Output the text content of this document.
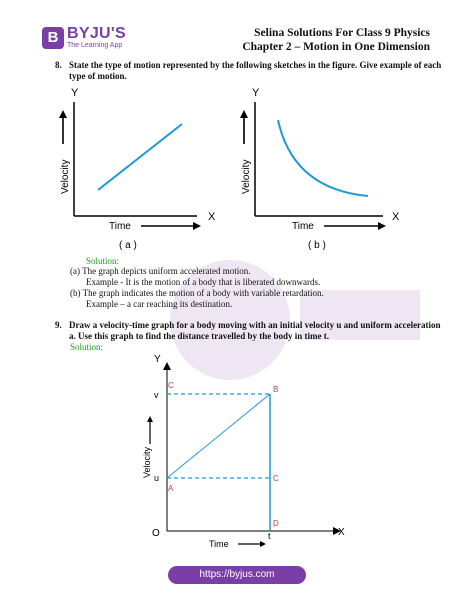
B BYJU'S
The Learning App
Selina Solutions For Class 9 Physics
Chapter 2 – Motion in One Dimension
8. State the type of motion represented by the following sketches in the figure. Give example of each type of motion.
Y
Velocity
Time
X
( a )
Y
Velocity
Time
X
( b )
Solution:
(a) The graph depicts uniform accelerated motion.
Example - It is the motion of a body that is liberated downwards.
(b) The graph indicates the motion of a body with variable retardation.
Example – a car reaching its destination.
9. Draw a velocity-time graph for a body moving with an initial velocity u and uniform acceleration a. Use this graph to find the distance travelled by the body in time t.
Solution:
Y
X
O
v
u
t
Velocity
Time
C	B
A
C
D
https://byjus.com
